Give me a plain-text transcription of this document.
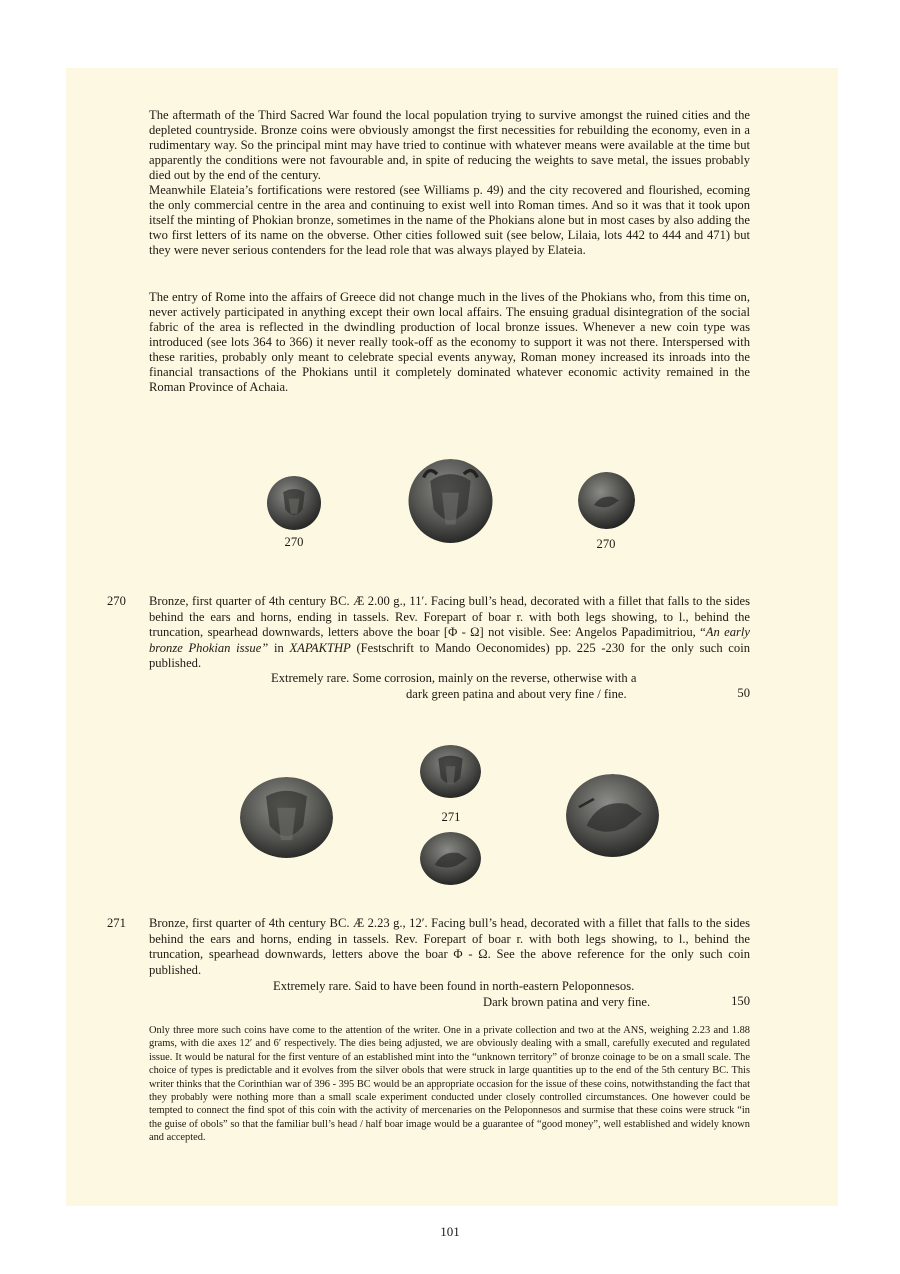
The aftermath of the Third Sacred War found the local population trying to survive amongst the ruined cities and the depleted countryside. Bronze coins were obviously amongst the first necessities for rebuilding the economy, even in a rudimentary way. So the principal mint may have tried to continue with whatever means were available at the time but apparently the conditions were not favourable and, in spite of reducing the weights to save metal, the issues probably died out by the end of the century.
Meanwhile Elateia’s fortifications were restored (see Williams p. 49) and the city recovered and flourished, ecoming the only commercial centre in the area and continuing to exist well into Roman times. And so it was that it took upon itself the minting of Phokian bronze, sometimes in the name of the Phokians alone but in most cases by also adding the two first letters of its name on the obverse. Other cities followed suit (see below, Lilaia, lots 442 to 444 and 471) but they were never serious contenders for the lead role that was always played by Elateia.

The entry of Rome into the affairs of Greece did not change much in the lives of the Phokians who, from this time on, never actively participated in anything except their own local affairs. The ensuing gradual disintegration of the social fabric of the area is reflected in the dwindling production of local bronze issues. Whenever a new coin type was introduced (see lots 364 to 366) it never really took-off as the economy to support it was not there. Interspersed with these rarities, probably only meant to celebrate special events anyway, Roman money increased its inroads into the financial transactions of the Phokians until it completely dominated whatever economic activity remained in the Roman Province of Achaia.

270	270
270 Bronze, first quarter of 4th century BC. Æ 2.00 g., 11′. Facing bull’s head, decorated with a fillet that falls to the sides behind the ears and horns, ending in tassels. Rev. Forepart of boar r. with both legs showing, to l., behind the truncation, spearhead downwards, letters above the boar [Φ - Ω] not visible. See: Angelos Papadimitriou, “An early bronze Phokian issue” in ΧΑΡΑΚΤΗΡ (Festschrift to Mando Oeconomides) pp. 225 -230 for the only such coin published.

Extremely rare. Some corrosion, mainly on the reverse, otherwise with a
dark green patina and about very fine / fine.	50
271
271 Bronze, first quarter of 4th century BC. Æ 2.23 g., 12′. Facing bull’s head, decorated with a fillet that falls to the sides behind the ears and horns, ending in tassels. Rev. Forepart of boar r. with both legs showing, to l., behind the truncation, spearhead downwards, letters above the boar Φ - Ω. See the above reference for the only such coin published.

Extremely rare. Said to have been found in north-eastern Peloponnesos.
Dark brown patina and very fine.	150

Only three more such coins have come to the attention of the writer. One in a private collection and two at the ANS, weighing 2.23 and 1.88 grams, with die axes 12′ and 6′ respectively. The dies being adjusted, we are obviously dealing with a small, carefully executed and regulated issue. It would be natural for the first venture of an established mint into the “unknown territory” of bronze coinage to be on a small scale. The choice of types is predictable and it evolves from the silver obols that were struck in large quantities up to the end of the 5th century BC. This writer thinks that the Corinthian war of 396 - 395 BC would be an appropriate occasion for the issue of these coins, notwithstanding the fact that they probably were nothing more than a small scale experiment conducted under closely controlled circumstances. One however could be tempted to connect the find spot of this coin with the activity of mercenaries on the Peloponnesos and surmise that these coins were struck “in the guise of obols” so that the familiar bull’s head / half boar image would be a guarantee of “good money”, well established and widely known and accepted.

101
